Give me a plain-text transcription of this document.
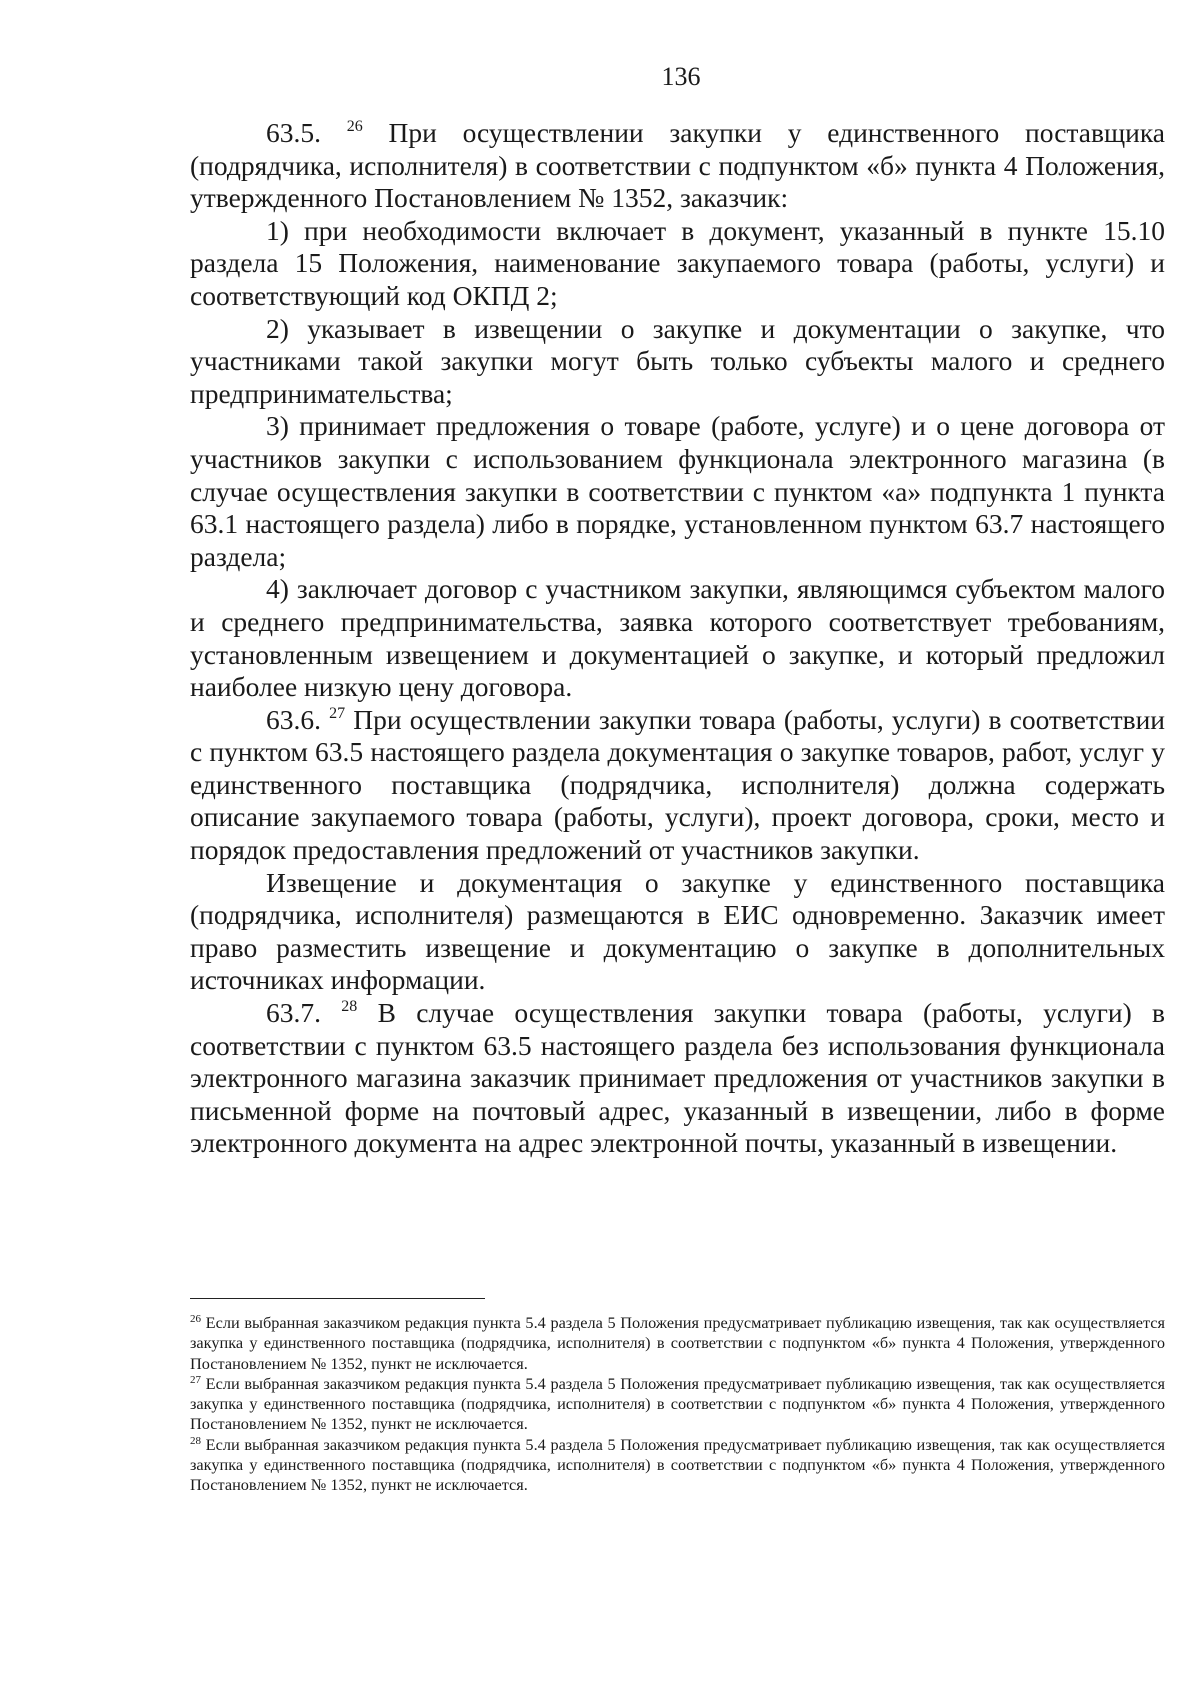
136

63.5. $^{26}$ При осуществлении закупки у единственного поставщика (подрядчика, исполнителя) в соответствии с подпунктом «б» пункта 4 Положения, утвержденного Постановлением № 1352, заказчик:

1) при необходимости включает в документ, указанный в пункте 15.10 раздела 15 Положения, наименование закупаемого товара (работы, услуги) и соответствующий код ОКПД 2;

2) указывает в извещении о закупке и документации о закупке, что участниками такой закупки могут быть только субъекты малого и среднего предпринимательства;

3) принимает предложения о товаре (работе, услуге) и о цене договора от участников закупки с использованием функционала электронного магазина (в случае осуществления закупки в соответствии с пунктом «а» подпункта 1 пункта 63.1 настоящего раздела) либо в порядке, установленном пунктом 63.7 настоящего раздела;

4) заключает договор с участником закупки, являющимся субъектом малого и среднего предпринимательства, заявка которого соответствует требованиям, установленным извещением и документацией о закупке, и который предложил наиболее низкую цену договора.

63.6. $^{27}$ При осуществлении закупки товара (работы, услуги) в соответствии с пунктом 63.5 настоящего раздела документация о закупке товаров, работ, услуг у единственного поставщика (подрядчика, исполнителя) должна содержать описание закупаемого товара (работы, услуги), проект договора, сроки, место и порядок предоставления предложений от участников закупки.

Извещение и документация о закупке у единственного поставщика (подрядчика, исполнителя) размещаются в ЕИС одновременно. Заказчик имеет право разместить извещение и документацию о закупке в дополнительных источниках информации.

63.7. $^{28}$ В случае осуществления закупки товара (работы, услуги) в соответствии с пунктом 63.5 настоящего раздела без использования функционала электронного магазина заказчик принимает предложения от участников закупки в письменной форме на почтовый адрес, указанный в извещении, либо в форме электронного документа на адрес электронной почты, указанный в извещении.

$^{26}$ Если выбранная заказчиком редакция пункта 5.4 раздела 5 Положения предусматривает публикацию извещения, так как осуществляется закупка у единственного поставщика (подрядчика, исполнителя) в соответствии с подпунктом «б» пункта 4 Положения, утвержденного Постановлением № 1352, пункт не исключается.

$^{27}$ Если выбранная заказчиком редакция пункта 5.4 раздела 5 Положения предусматривает публикацию извещения, так как осуществляется закупка у единственного поставщика (подрядчика, исполнителя) в соответствии с подпунктом «б» пункта 4 Положения, утвержденного Постановлением № 1352, пункт не исключается.

$^{28}$ Если выбранная заказчиком редакция пункта 5.4 раздела 5 Положения предусматривает публикацию извещения, так как осуществляется закупка у единственного поставщика (подрядчика, исполнителя) в соответствии с подпунктом «б» пункта 4 Положения, утвержденного Постановлением № 1352, пункт не исключается.
